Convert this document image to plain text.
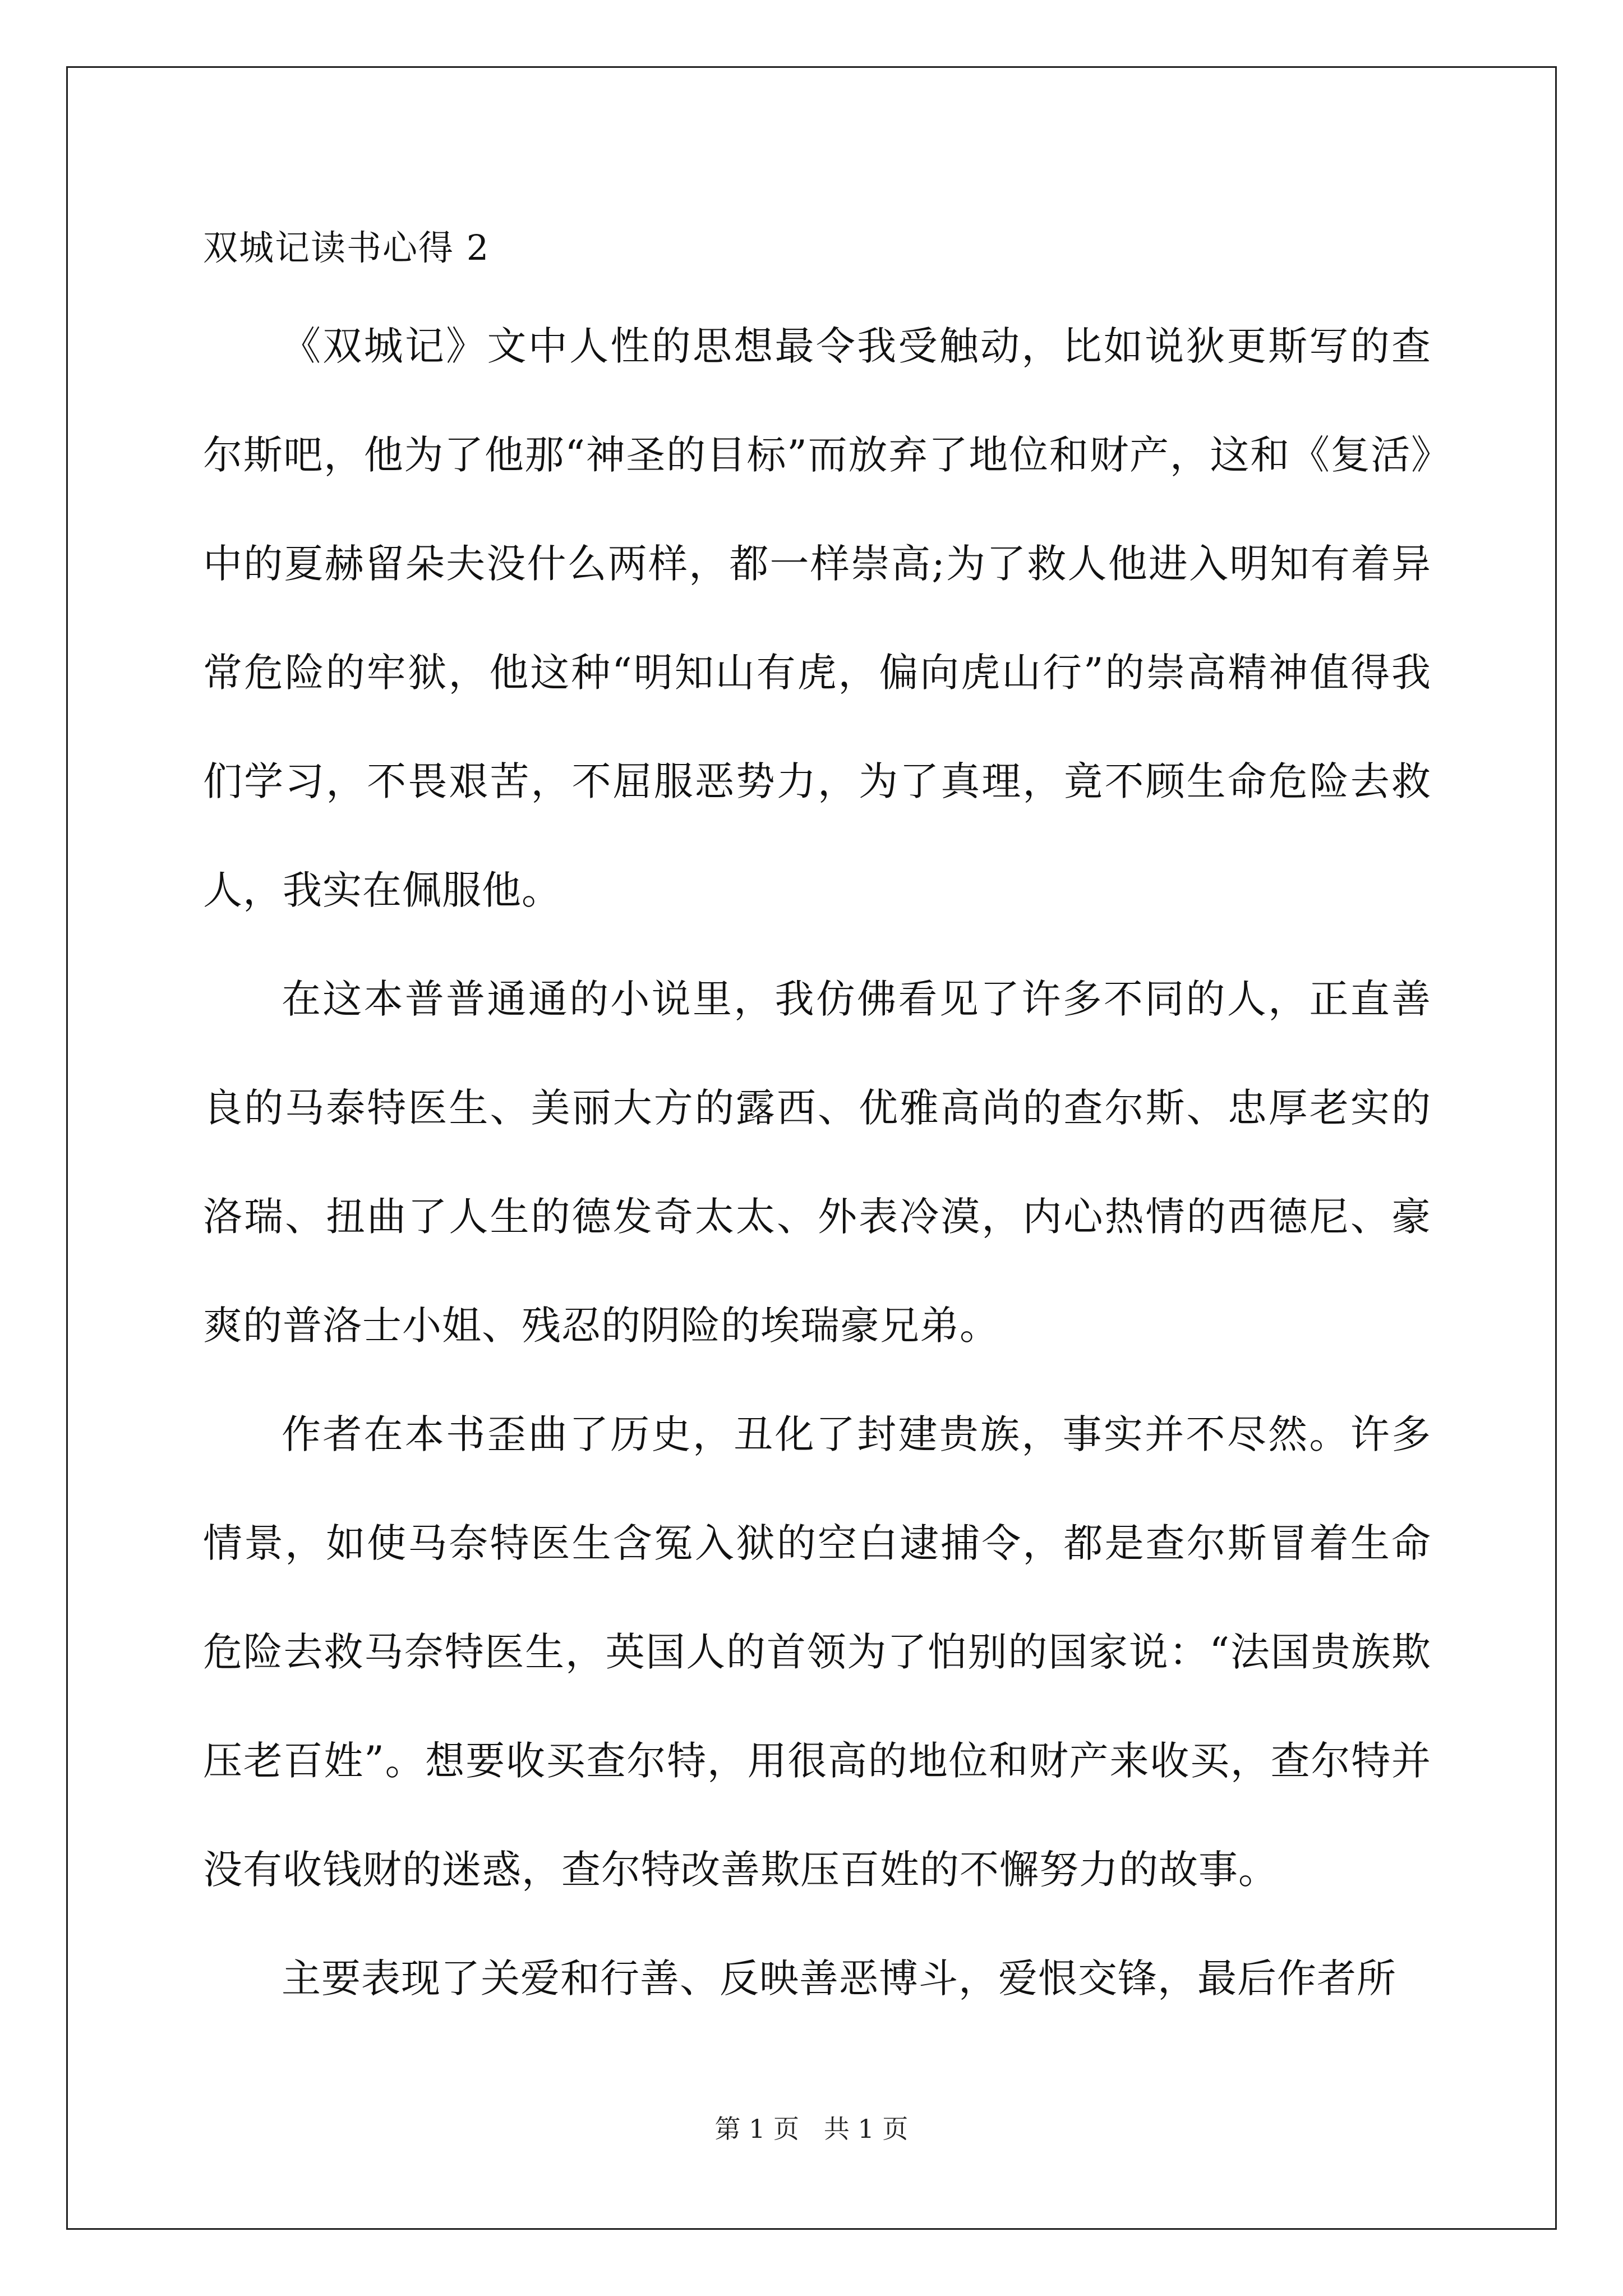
双城记读书心得 2

《双城记》文中人性的思想最令我受触动，比如说狄更斯写的查尔斯吧，他为了他那“神圣的目标”而放弃了地位和财产，这和《复活》中的夏赫留朵夫没什么两样，都一样崇高;为了救人他进入明知有着异常危险的牢狱，他这种“明知山有虎，偏向虎山行”的崇高精神值得我们学习，不畏艰苦，不屈服恶势力，为了真理，竟不顾生命危险去救人，我实在佩服他。

在这本普普通通的小说里，我仿佛看见了许多不同的人，正直善良的马泰特医生、美丽大方的露西、优雅高尚的查尔斯、忠厚老实的洛瑞、扭曲了人生的德发奇太太、外表冷漠，内心热情的西德尼、豪爽的普洛士小姐、残忍的阴险的埃瑞豪兄弟。

作者在本书歪曲了历史，丑化了封建贵族，事实并不尽然。许多情景，如使马奈特医生含冤入狱的空白逮捕令，都是查尔斯冒着生命危险去救马奈特医生，英国人的首领为了怕别的国家说：“法国贵族欺压老百姓”。想要收买查尔特，用很高的地位和财产来收买，查尔特并没有收钱财的迷惑，查尔特改善欺压百姓的不懈努力的故事。

主要表现了关爱和行善、反映善恶博斗，爱恨交锋，最后作者所

第 1 页   共 1 页
